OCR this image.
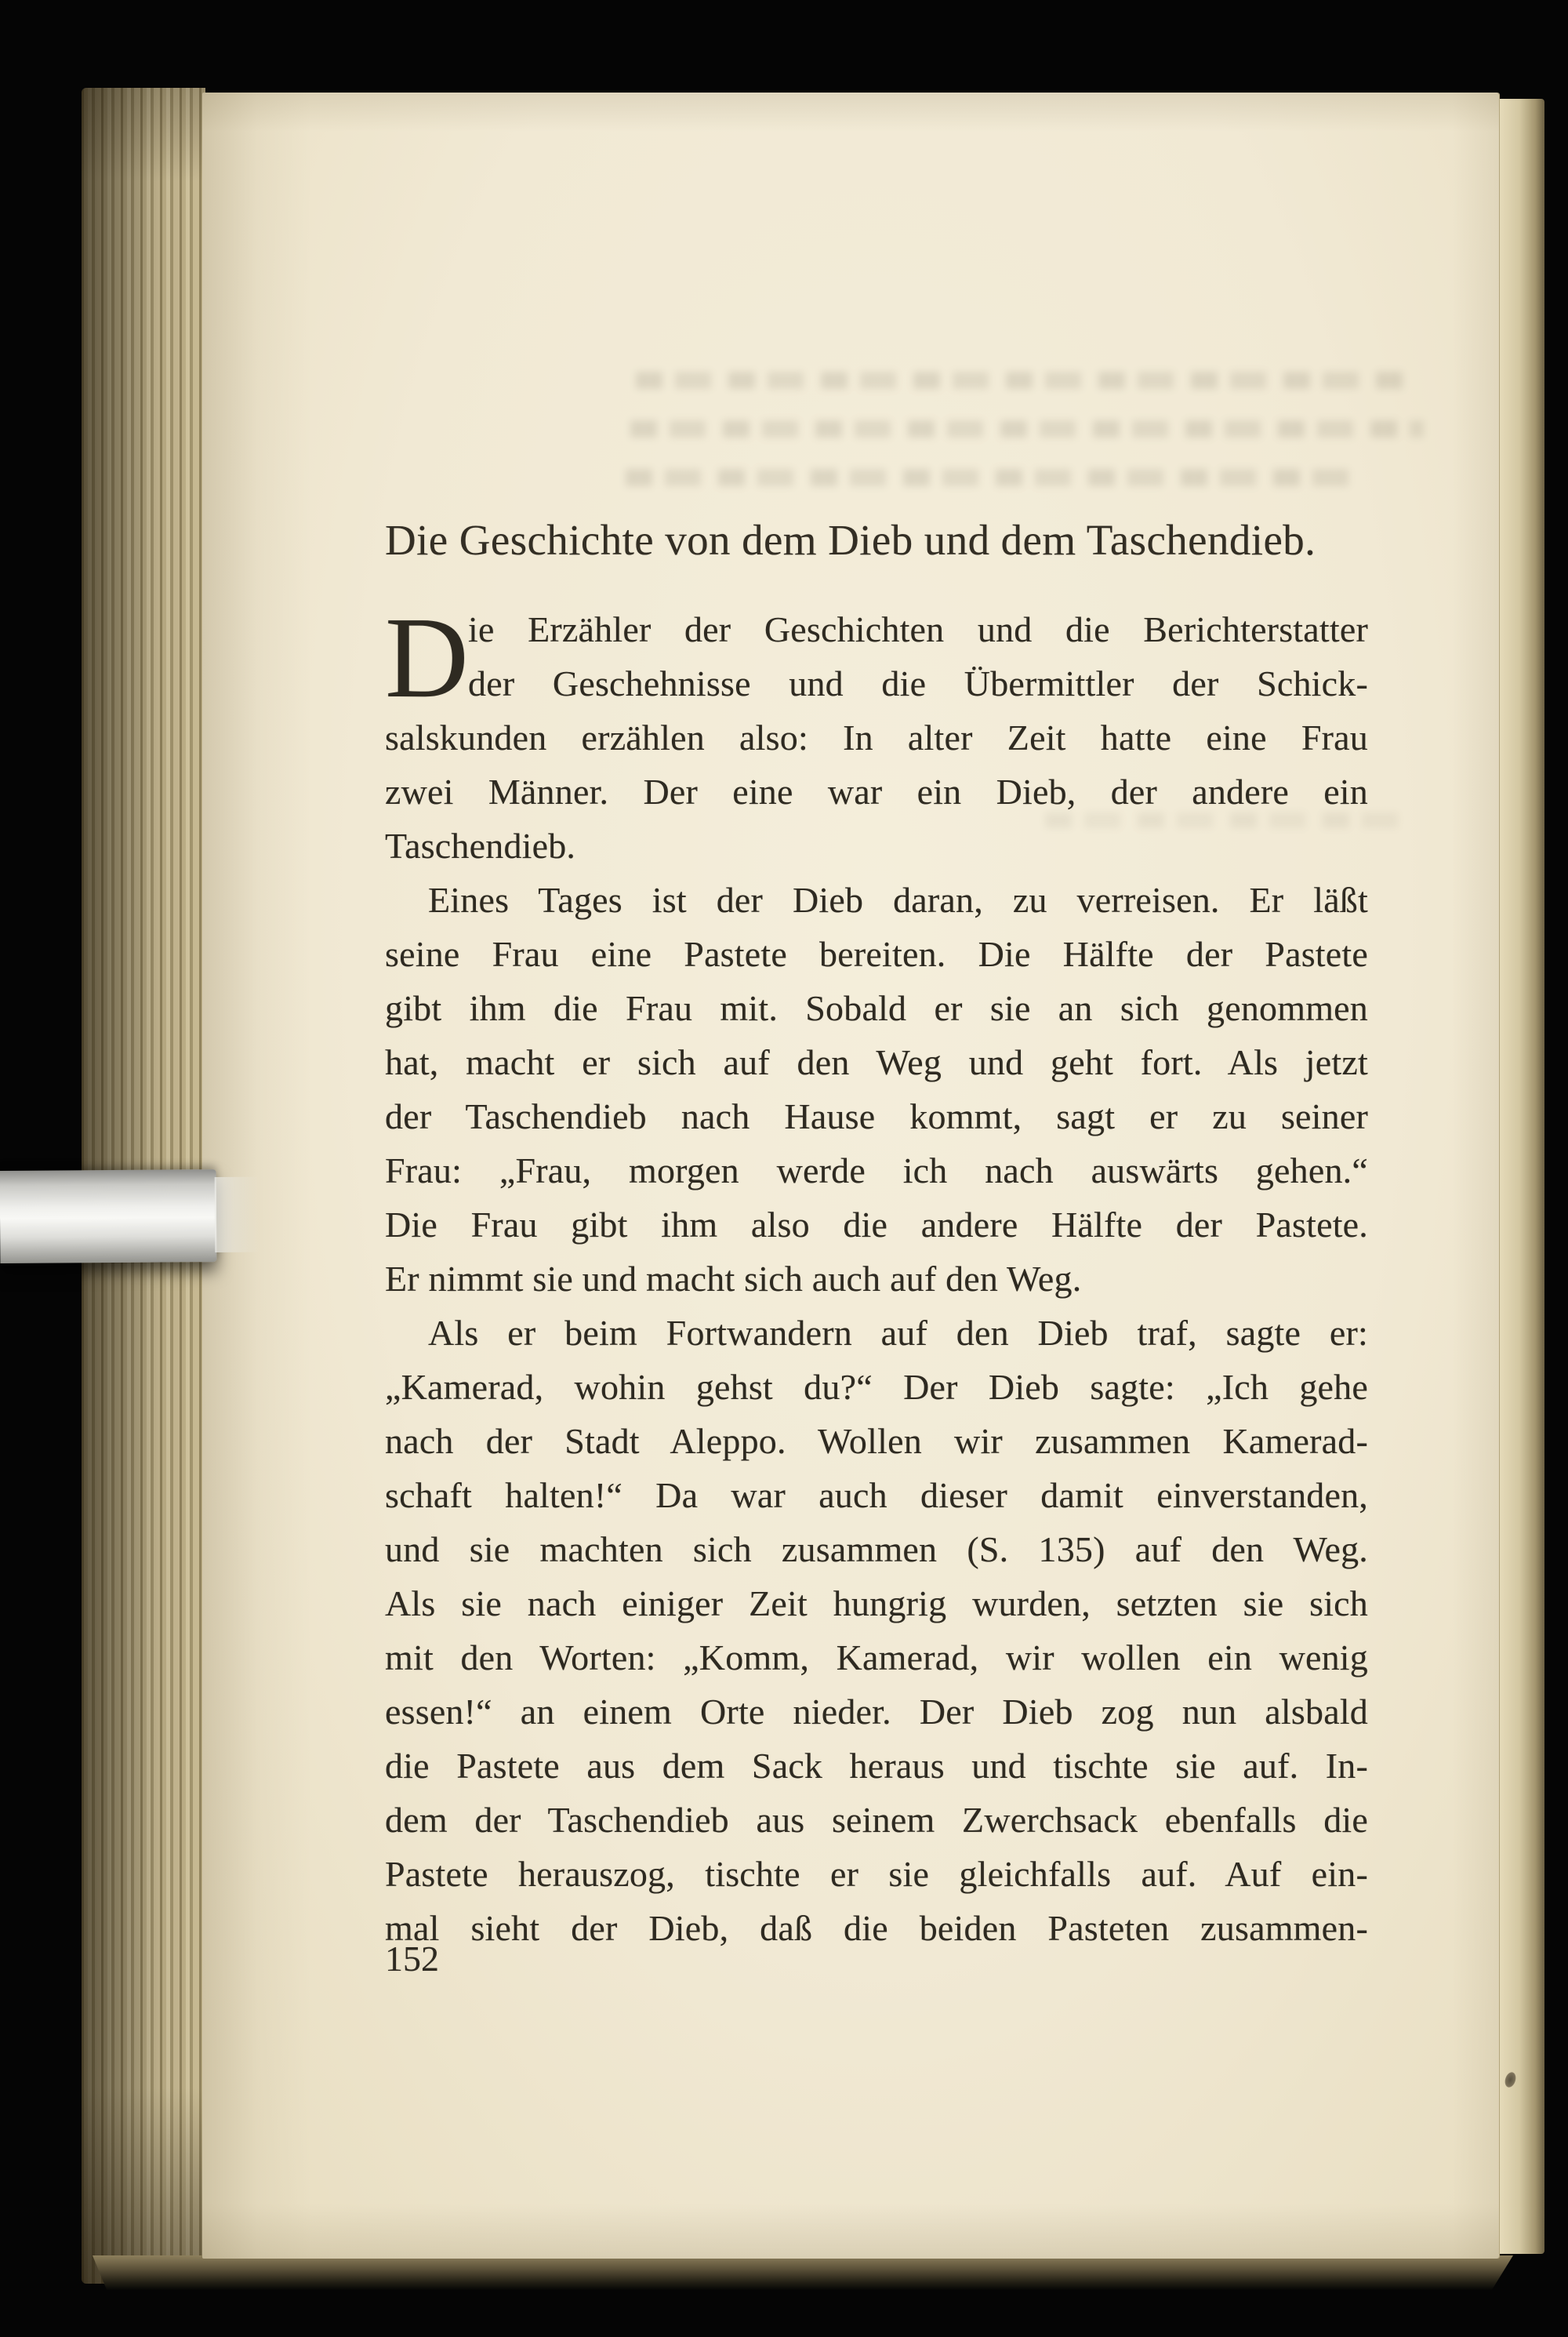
Die Geschichte von dem Dieb und dem Taschendieb.
D ie Erzähler der Geschichten und die Berichterstatter
der Geschehnisse und die Übermittler der Schick-
salskunden erzählen also: In alter Zeit hatte eine Frau
zwei Männer. Der eine war ein Dieb, der andere ein
Taschendieb.
Eines Tages ist der Dieb daran, zu verreisen. Er läßt
seine Frau eine Pastete bereiten. Die Hälfte der Pastete
gibt ihm die Frau mit. Sobald er sie an sich genommen
hat, macht er sich auf den Weg und geht fort. Als jetzt
der Taschendieb nach Hause kommt, sagt er zu seiner
Frau: „Frau, morgen werde ich nach auswärts gehen.“
Die Frau gibt ihm also die andere Hälfte der Pastete.
Er nimmt sie und macht sich auch auf den Weg.
Als er beim Fortwandern auf den Dieb traf, sagte er:
„Kamerad, wohin gehst du?“ Der Dieb sagte: „Ich gehe
nach der Stadt Aleppo. Wollen wir zusammen Kamerad-
schaft halten!“ Da war auch dieser damit einverstanden,
und sie machten sich zusammen (S. 135) auf den Weg.
Als sie nach einiger Zeit hungrig wurden, setzten sie sich
mit den Worten: „Komm, Kamerad, wir wollen ein wenig
essen!“ an einem Orte nieder. Der Dieb zog nun alsbald
die Pastete aus dem Sack heraus und tischte sie auf. In-
dem der Taschendieb aus seinem Zwerchsack ebenfalls die
Pastete herauszog, tischte er sie gleichfalls auf. Auf ein-
mal sieht der Dieb, daß die beiden Pasteten zusammen-
152
